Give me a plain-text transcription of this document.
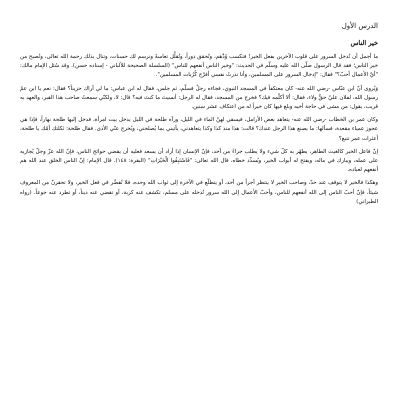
الدرس الأول
خير الناس

ما أجمل أن تُدخل السرور على قلوب الآخرين بفعل الخير! فتكسب وُدَّهم، وتُحقق دوراً، وتُقلِّل تعاسةً ونرسم لك حسنات، وتنال بذلك رحمة الله تعالى، وتُصبح من خير الناس؛ فقد قال الرسول صلّى الله عليه وسلّم في الحديث: "وخير الناس أنفعهم للناس" (السلسلة الصحيحة للألباني - إسناده حسن). وقد سُئل الإمام مالك: "أيّ الأعمال أحبّ؟" فقال: "إدخال السرور على المسلمين، وأنا نذرتُ نفسي أفرّج كُرُبات المسلمين".

وَيُروى أنّ ابن عبّاس -رضي الله عنه- كان معتكفاً في المسجد النبوي، فجاءه رجلٌ فسلّم، ثم جلس، فقال له ابن عباس: ما لي أراك حزيناً؟ فقال: نعم يا ابن عمّ رسول الله، لفلان عليّ حقُّ ولاء، فقال: ألا أكلّمه فيك؟ فخرج من المسجد، فقال له الرجل: أنسيتَ ما كنتَ فيه؟ قال: لا، ولكنّي سمعتُ صاحب هذا القبر، والعهد به قريب، يقول: من مشى في حاجة أخيه وبلغ فيها كان خيراً له من اعتكاف عشر سنين.

وكان عمر بن الخطاب -رضي الله عنه- يتعاهد بعض الأرامل، فيسقي لهنّ الماء في الليل، ورآه طلحة في الليل يدخل بيت امرأة، فدخل إليها طلحة نهاراً، فإذا هي عجوز عمياء مقعدة، فسألها: ما يصنع هذا الرجل عندك؟ قالت: هذا منذ كذا وكذا يتعاهدني، يأتيني بما يُصلحني، ويُخرج عنّي الأذى. فقال طلحة: ثكلتك أمّك يا طلحة، أعثرات عمر تتبع؟

إنّ فاعل الخير كالغيث الطاهر، يطهّر به كلّ شيء ولا يطلب جزاءً من أحد، فإنّ الإنسان إذا أراد أن يسعد فعليه أن يقضي حوائج الناس، فإنّ الله عزّ وجلّ يُجازيه على عمله، ويبارك في ماله، ويفتح له أبواب الخير، ويُسدِّد خطاه، قال الله تعالى: "فَاسْتَبِقُوا الْخَيْرَاتِ" (البقرة: ١٤٨). قال الإمام: إنّ الناس الخلق عند الله هم أنفعهم لعباده.

وهكذا فالخير لا يتوقف عند حدّ، وصاحب الخير لا ينتظر أجراً من أحد، أو يتطلّع في الآخرة إلى ثواب الله وحده، فلا تُقصِّر في فعل الخير، ولا تحقرنّ من المعروف شيئاً، فإنّ أحبّ الناس إلى الله أنفعهم للناس، وأحبّ الأعمال إلى الله سرور تُدخله على مسلم، تكشف عنه كربة، أو تقضي عنه ديناً، أو تطرد عنه جوعاً. (رواه الطبراني)
